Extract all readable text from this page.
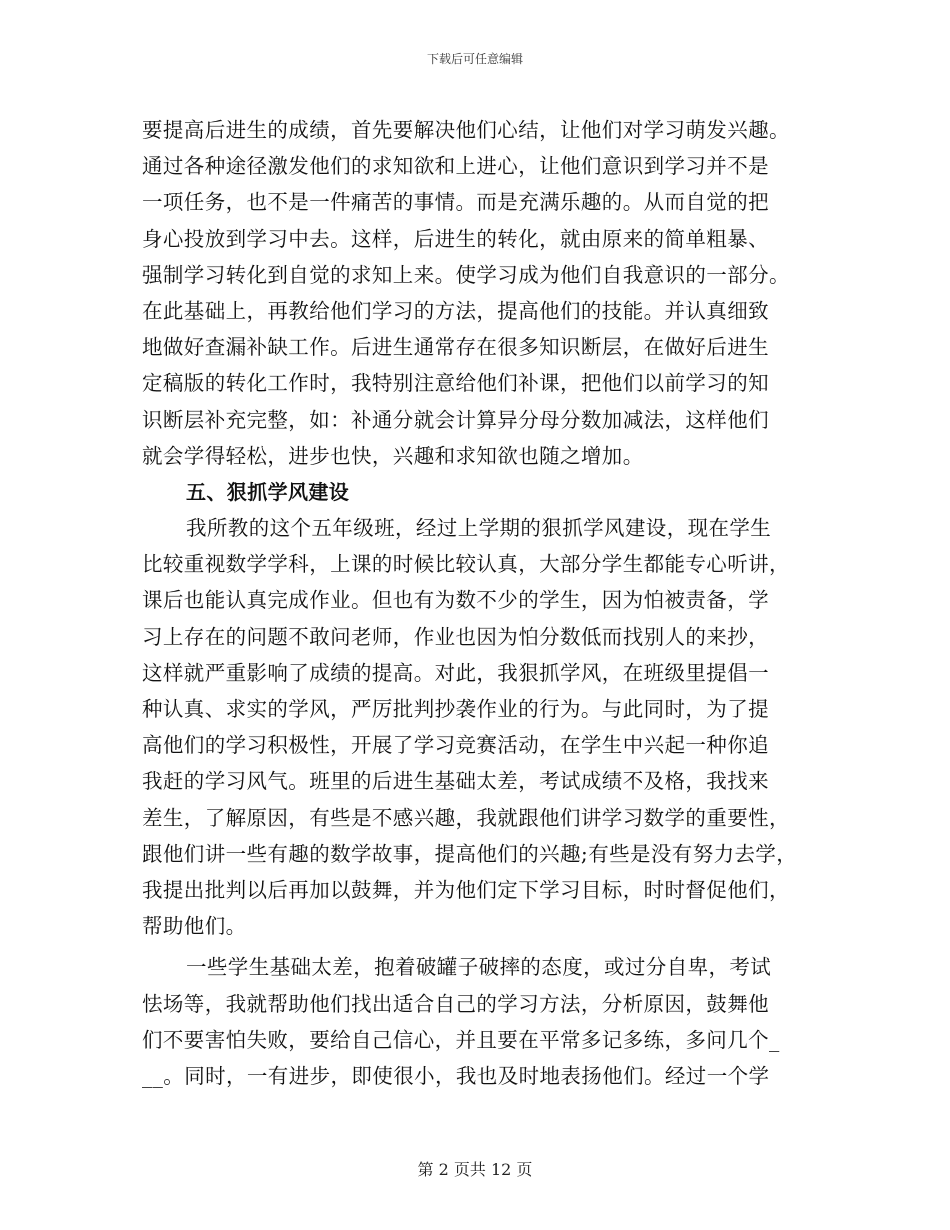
下载后可任意编辑
要提高后进生的成绩，首先要解决他们心结，让他们对学习萌发兴趣。
通过各种途径激发他们的求知欲和上进心，让他们意识到学习并不是
一项任务，也不是一件痛苦的事情。而是充满乐趣的。从而自觉的把
身心投放到学习中去。这样，后进生的转化，就由原来的简单粗暴、
强制学习转化到自觉的求知上来。使学习成为他们自我意识的一部分。
在此基础上，再教给他们学习的方法，提高他们的技能。并认真细致
地做好查漏补缺工作。后进生通常存在很多知识断层，在做好后进生
定稿版的转化工作时，我特别注意给他们补课，把他们以前学习的知
识断层补充完整，如：补通分就会计算异分母分数加减法，这样他们
就会学得轻松，进步也快，兴趣和求知欲也随之增加。
五、狠抓学风建设
我所教的这个五年级班，经过上学期的狠抓学风建设，现在学生
比较重视数学学科，上课的时候比较认真，大部分学生都能专心听讲，
课后也能认真完成作业。但也有为数不少的学生，因为怕被责备，学
习上存在的问题不敢问老师，作业也因为怕分数低而找别人的来抄，
这样就严重影响了成绩的提高。对此，我狠抓学风，在班级里提倡一
种认真、求实的学风，严厉批判抄袭作业的行为。与此同时，为了提
高他们的学习积极性，开展了学习竞赛活动，在学生中兴起一种你追
我赶的学习风气。班里的后进生基础太差，考试成绩不及格，我找来
差生，了解原因，有些是不感兴趣，我就跟他们讲学习数学的重要性，
跟他们讲一些有趣的数学故事，提高他们的兴趣;有些是没有努力去学，
我提出批判以后再加以鼓舞，并为他们定下学习目标，时时督促他们，
帮助他们。
一些学生基础太差，抱着破罐子破摔的态度，或过分自卑，考试
怯场等，我就帮助他们找出适合自己的学习方法，分析原因，鼓舞他
们不要害怕失败，要给自己信心，并且要在平常多记多练，多问几个_
__。同时，一有进步，即使很小，我也及时地表扬他们。经过一个学
第 2 页共 12 页
